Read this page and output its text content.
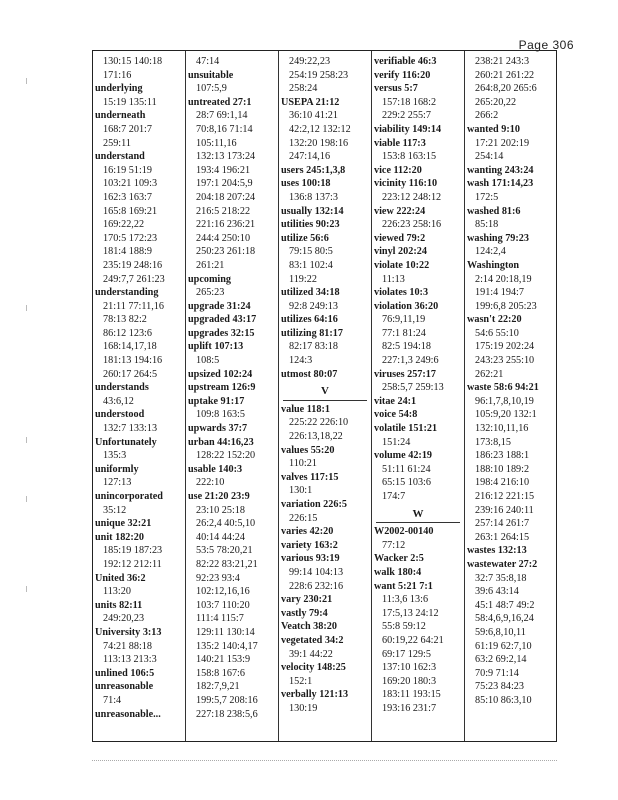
Page 306
130:15 140:18
171:16
underlying
15:19 135:11
underneath
168:7 201:7
259:11
understand
16:19 51:19
103:21 109:3
162:3 163:7
165:8 169:21
169:22,22
170:5 172:23
181:4 188:9
235:19 248:16
249:7,7 261:23
understanding
21:11 77:11,16
78:13 82:2
86:12 123:6
168:14,17,18
181:13 194:16
260:17 264:5
understands
43:6,12
understood
132:7 133:13
Unfortunately
135:3
uniformly
127:13
unincorporated
35:12
unique 32:21
unit 182:20
185:19 187:23
192:12 212:11
United 36:2
113:20
units 82:11
249:20,23
University 3:13
74:21 88:18
113:13 213:3
unlined 106:5
unreasonable
71:4
unreasonable...
47:14
unsuitable
107:5,9
untreated 27:1
28:7 69:1,14
70:8,16 71:14
105:11,16
132:13 173:24
193:4 196:21
197:1 204:5,9
204:18 207:24
216:5 218:22
221:16 236:21
244:4 250:10
250:23 261:18
261:21
upcoming
265:23
upgrade 31:24
upgraded 43:17
upgrades 32:15
uplift 107:13
108:5
upsized 102:24
upstream 126:9
uptake 91:17
109:8 163:5
upwards 37:7
urban 44:16,23
128:22 152:20
usable 140:3
222:10
use 21:20 23:9
23:10 25:18
26:2,4 40:5,10
40:14 44:24
53:5 78:20,21
82:22 83:21,21
92:23 93:4
102:12,16,16
103:7 110:20
111:4 115:7
129:11 130:14
135:2 140:4,17
140:21 153:9
158:8 167:6
182:7,9,21
199:5,7 208:16
227:18 238:5,6
249:22,23
254:19 258:23
258:24
USEPA 21:12
36:10 41:21
42:2,12 132:12
132:20 198:16
247:14,16
users 245:1,3,8
uses 100:18
136:8 137:3
usually 132:14
utilities 90:23
utilize 56:6
79:15 80:5
83:1 102:4
119:22
utilized 34:18
92:8 249:13
utilizes 64:16
utilizing 81:17
82:17 83:18
124:3
utmost 80:07
V
value 118:1
225:22 226:10
226:13,18,22
values 55:20
110:21
valves 117:15
130:1
variation 226:5
226:15
varies 42:20
variety 163:2
various 93:19
99:14 104:13
228:6 232:16
vary 230:21
vastly 79:4
Veatch 38:20
vegetated 34:2
39:1 44:22
velocity 148:25
152:1
verbally 121:13
130:19
verifiable 46:3
verify 116:20
versus 5:7
157:18 168:2
229:2 255:7
viability 149:14
viable 117:3
153:8 163:15
vice 112:20
vicinity 116:10
223:12 248:12
view 222:24
226:23 258:16
viewed 79:2
vinyl 202:24
violate 10:22
11:13
violates 10:3
violation 36:20
76:9,11,19
77:1 81:24
82:5 194:18
227:1,3 249:6
viruses 257:17
258:5,7 259:13
vitae 24:1
voice 54:8
volatile 151:21
151:24
volume 42:19
51:11 61:24
65:15 103:6
174:7
W
W2002-00140
77:12
Wacker 2:5
walk 180:4
want 5:21 7:1
11:3,6 13:6
17:5,13 24:12
55:8 59:12
60:19,22 64:21
69:17 129:5
137:10 162:3
169:20 180:3
183:11 193:15
193:16 231:7
238:21 243:3
260:21 261:22
264:8,20 265:6
265:20,22
266:2
wanted 9:10
17:21 202:19
254:14
wanting 243:24
wash 171:14,23
172:5
washed 81:6
85:18
washing 79:23
124:2,4
Washington
2:14 20:18,19
191:4 194:7
199:6,8 205:23
wasn't 22:20
54:6 55:10
175:19 202:24
243:23 255:10
262:21
waste 58:6 94:21
96:1,7,8,10,19
105:9,20 132:1
132:10,11,16
173:8,15
186:23 188:1
188:10 189:2
198:4 216:10
216:12 221:15
239:16 240:11
257:14 261:7
263:1 264:15
wastes 132:13
wastewater 27:2
32:7 35:8,18
39:6 43:14
45:1 48:7 49:2
58:4,6,9,16,24
59:6,8,10,11
61:19 62:7,10
63:2 69:2,14
70:9 71:14
75:23 84:23
85:10 86:3,10
